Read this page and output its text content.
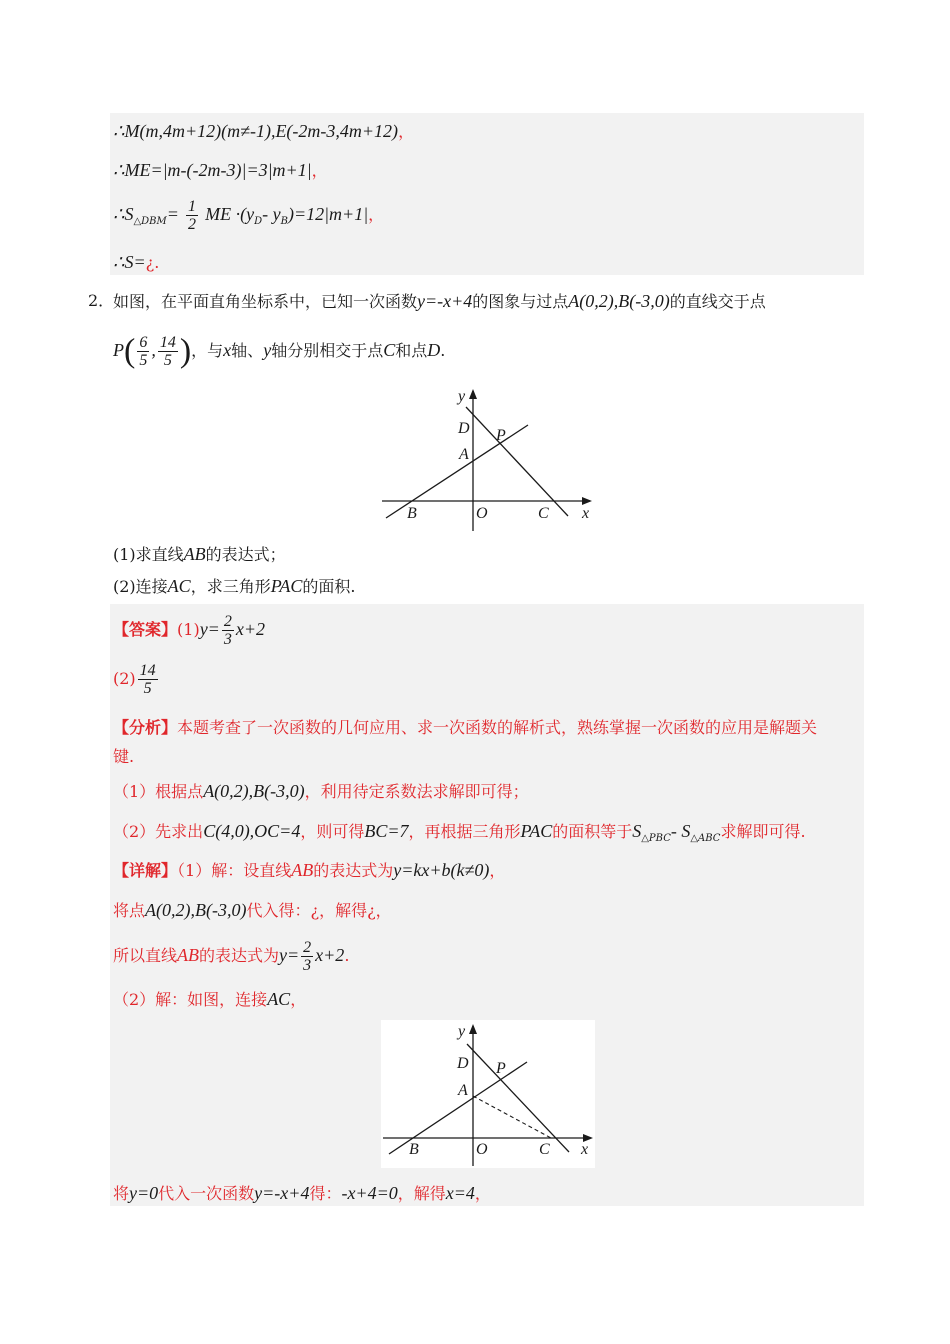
∴M(m,4m+12)(m≠-1),E(-2m-3,4m+12)，
∴ME=|m-(-2m-3)|=3|m+1|，
$\therefore S_{\triangle DBM}= \frac{1}{2}$ ME $\cdot(y_D-$ $y_B)=12|m+1|$，
∴S=¿.
2．
如图，在平面直角坐标系中，已知一次函数y=-x+4的图象与过点A(0,2),B(-3,0)的直线交于点
$P( \frac{6}{5}$ , $\frac{14}{5}$ )，与x轴、y轴分别相交于点C和点D.
y
D P
A
B	O	C x
(1)求直线AB的表达式；
(2)连接AC，求三角形PAC的面积.
【答案】$(1)y= \frac{2}{3} x+2$
$(2) \frac{14}{5}$
【分析】本题考查了一次函数的几何应用、求一次函数的解析式，熟练掌握一次函数的应用是解题关
键.
（1）根据点A(0,2),B(-3,0)，利用待定系数法求解即可得；
（2）先求出C(4,0),OC=4，则可得BC=7，再根据三角形PAC的面积等于$S_{\triangle PBC}-$ $S_{\triangle ABC}$求解即可得.
【详解】（1）解：设直线AB的表达式为y=kx+b(k≠0)，
将点A(0,2),B(-3,0)代入得：¿，解得¿，
所以直线AB的表达式为$y= \frac{2}{3} x+2$.
（2）解：如图，连接AC，
y
D P
A
B	O	C x
将y=0代入一次函数y=-x+4得：-x+4=0，解得x=4，
